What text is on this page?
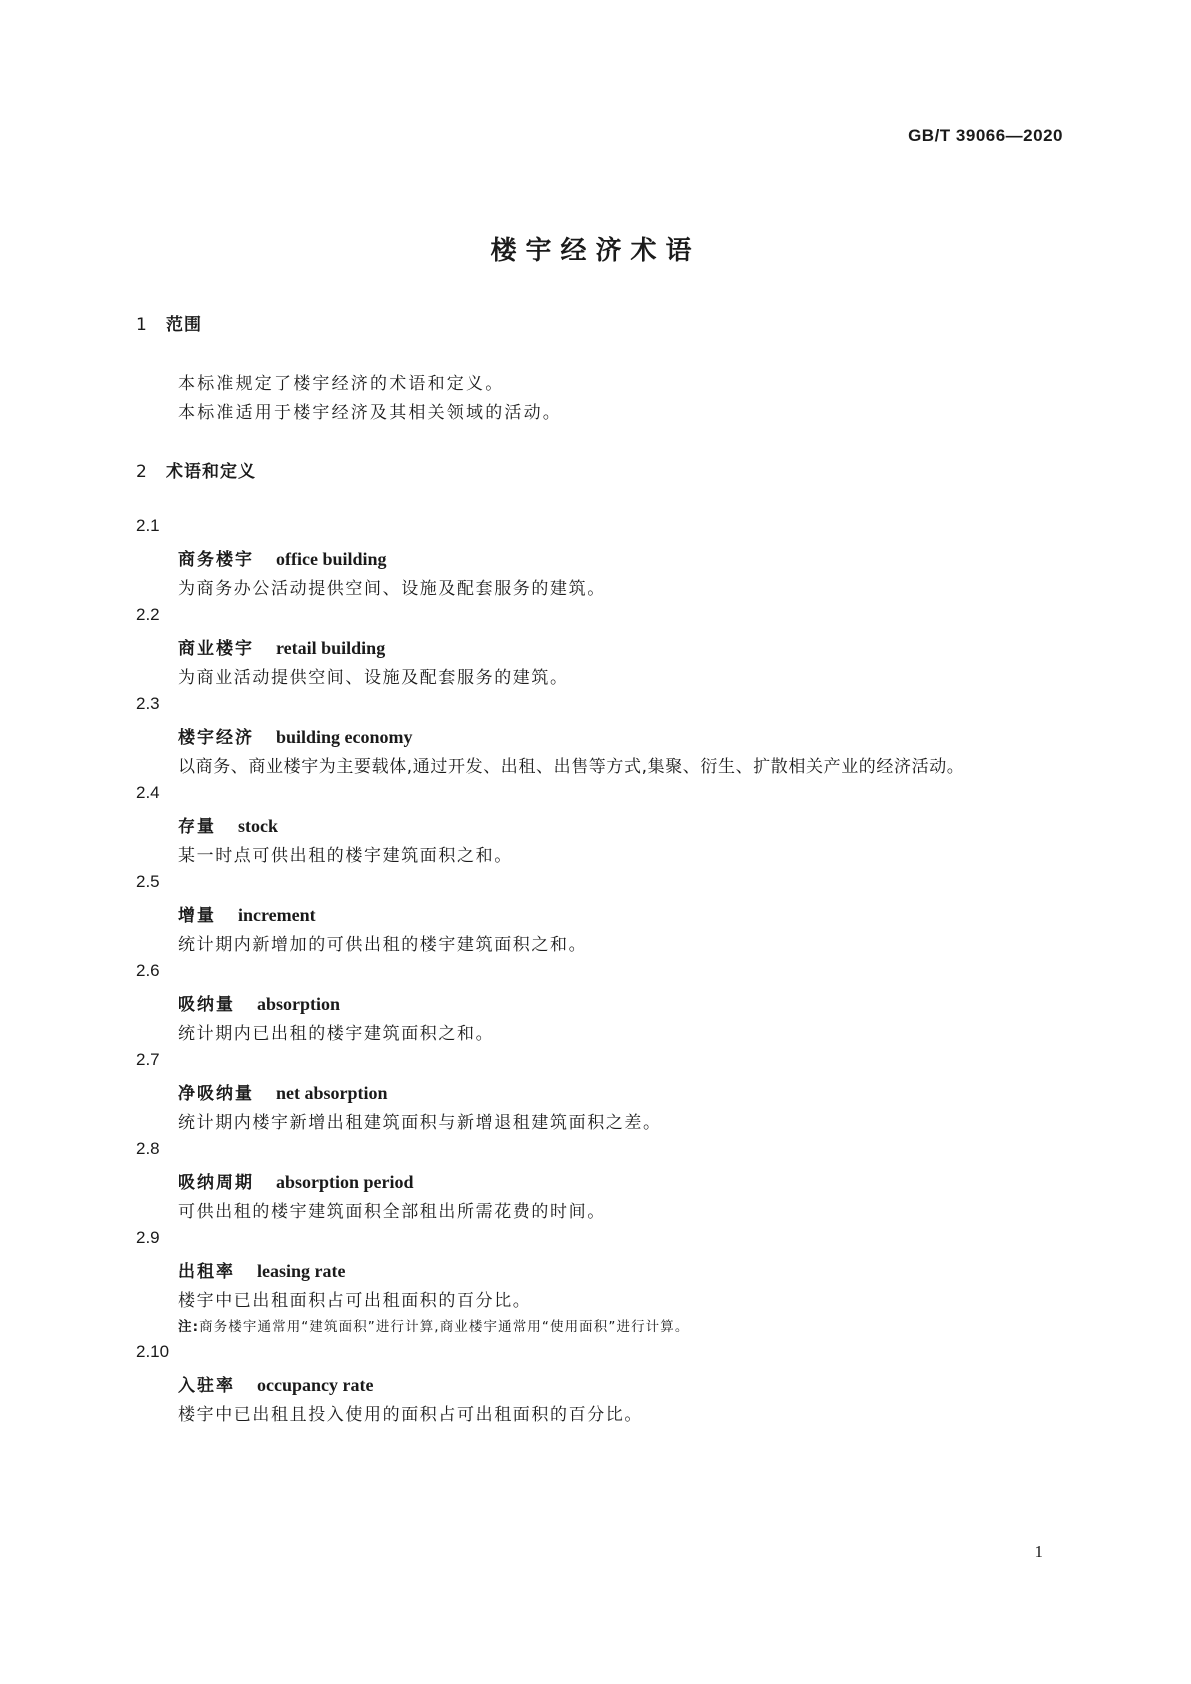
GB/T 39066—2020
楼宇经济术语
1 范围
本标准规定了楼宇经济的术语和定义。
本标准适用于楼宇经济及其相关领域的活动。
2 术语和定义
2.1
商务楼宇 office building
为商务办公活动提供空间、设施及配套服务的建筑。
2.2
商业楼宇 retail building
为商业活动提供空间、设施及配套服务的建筑。
2.3
楼宇经济 building economy
以商务、商业楼宇为主要载体,通过开发、出租、出售等方式,集聚、衍生、扩散相关产业的经济活动。
2.4
存量 stock
某一时点可供出租的楼宇建筑面积之和。
2.5
增量 increment
统计期内新增加的可供出租的楼宇建筑面积之和。
2.6
吸纳量 absorption
统计期内已出租的楼宇建筑面积之和。
2.7
净吸纳量 net absorption
统计期内楼宇新增出租建筑面积与新增退租建筑面积之差。
2.8
吸纳周期 absorption period
可供出租的楼宇建筑面积全部租出所需花费的时间。
2.9
出租率 leasing rate
楼宇中已出租面积占可出租面积的百分比。
注:商务楼宇通常用“建筑面积”进行计算,商业楼宇通常用“使用面积”进行计算。
2.10
入驻率 occupancy rate
楼宇中已出租且投入使用的面积占可出租面积的百分比。
1
